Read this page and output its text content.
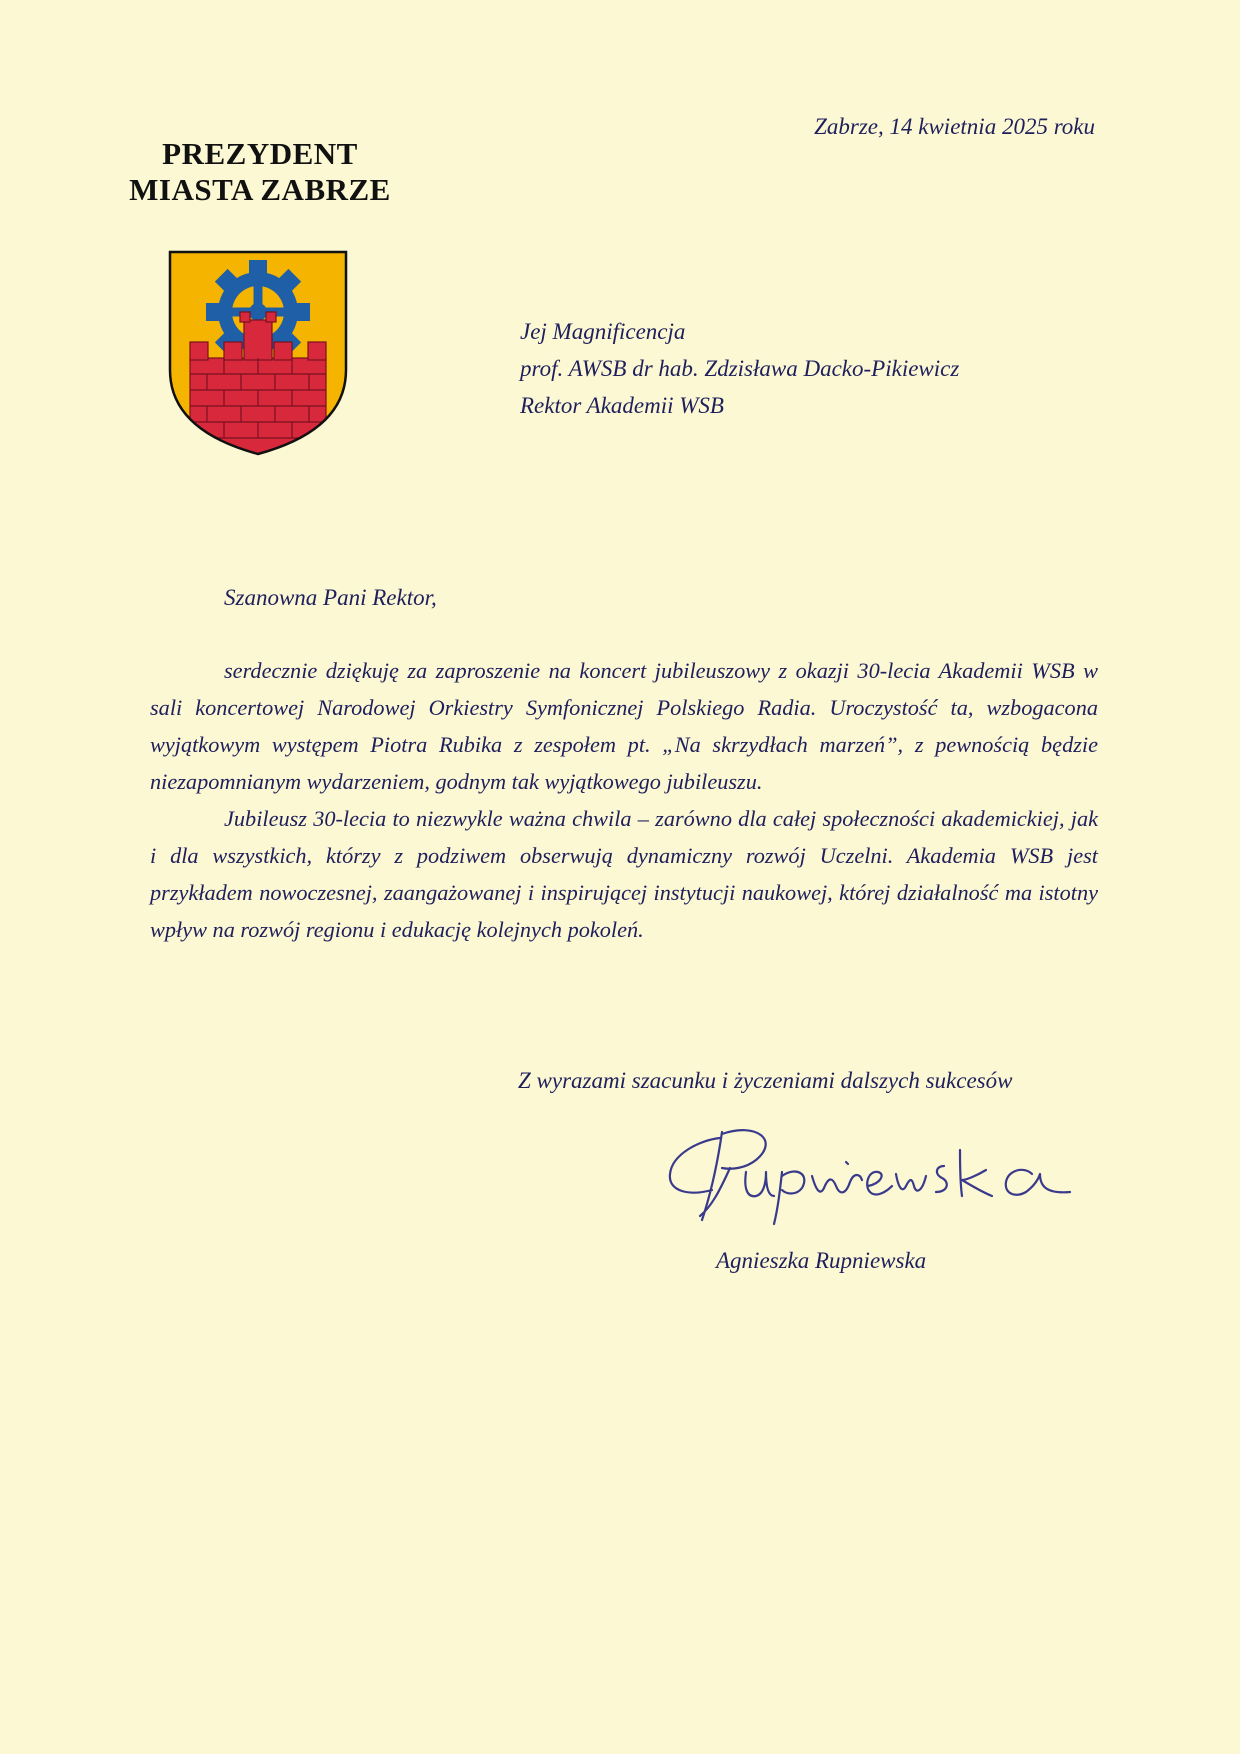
PREZYDENT
MIASTA ZABRZE
Zabrze, 14 kwietnia 2025 roku
Jej Magnificencja
prof. AWSB dr hab. Zdzisława Dacko-Pikiewicz
Rektor Akademii WSB
Szanowna Pani Rektor,

serdecznie dziękuję za zaproszenie na koncert jubileuszowy z okazji 30-lecia Akademii WSB w sali koncertowej Narodowej Orkiestry Symfonicznej Polskiego Radia. Uroczystość ta, wzbogacona wyjątkowym występem Piotra Rubika z zespołem pt. „Na skrzydłach marzeń”, z pewnością będzie niezapomnianym wydarzeniem, godnym tak wyjątkowego jubileuszu.

Jubileusz 30-lecia to niezwykle ważna chwila – zarówno dla całej społeczności akademickiej, jak i dla wszystkich, którzy z podziwem obserwują dynamiczny rozwój Uczelni. Akademia WSB jest przykładem nowoczesnej, zaangażowanej i inspirującej instytucji naukowej, której działalność ma istotny wpływ na rozwój regionu i edukację kolejnych pokoleń.

Z wyrazami szacunku i życzeniami dalszych sukcesów
Agnieszka Rupniewska
